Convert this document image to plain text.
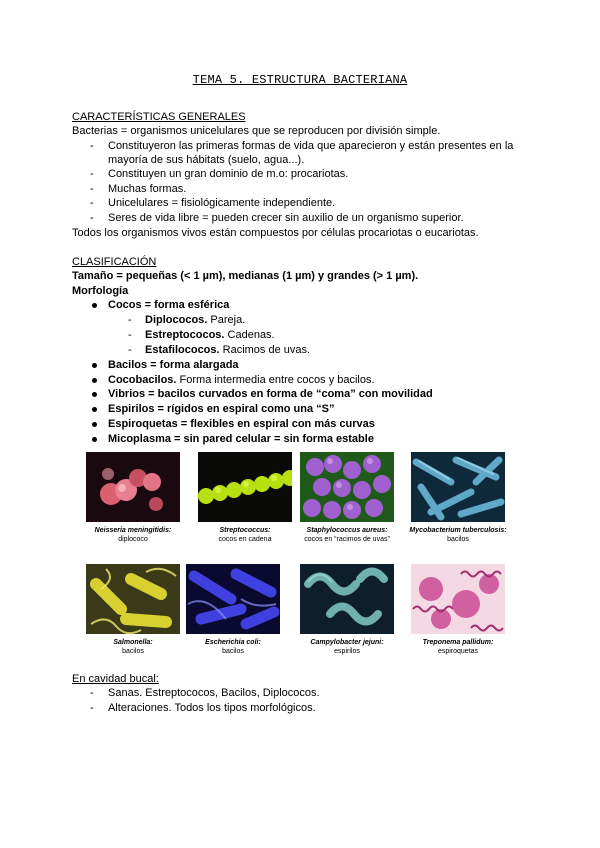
TEMA 5. ESTRUCTURA BACTERIANA
CARACTERÍSTICAS GENERALES
Bacterias = organismos unicelulares que se reproducen por división simple.
- Constituyeron las primeras formas de vida que aparecieron y están presentes en la
mayoría de sus hábitats (suelo, agua...).
- Constituyen un gran dominio de m.o: procariotas.
- Muchas formas.
- Unicelulares = fisiológicamente independiente.
- Seres de vida libre = pueden crecer sin auxilio de un organismo superior.
Todos los organismos vivos están compuestos por células procariotas o eucariotas.
CLASIFICACIÓN
Tamaño = pequeñas (< 1 µm), medianas (1 µm) y grandes (> 1 µm).
Morfología
Cocos = forma esférica
- Diplococos. Pareja.
- Estreptococos. Cadenas.
- Estafilococos. Racimos de uvas.
Bacilos = forma alargada
Cocobacilos. Forma intermedia entre cocos y bacilos.
Vibrios = bacilos curvados en forma de “coma” con movilidad
Espirilos = rígidos en espiral como una “S”
Espiroquetas = flexibles en espiral con más curvas
Micoplasma = sin pared celular = sin forma estable
Neisseria meningitidis:
diplococo
Streptococcus:
cocos en cadena
Staphylococcus aureus:
cocos en “racimos de uvas”
Mycobacterium tuberculosis:
bacilos
Salmonella:
bacilos
Escherichia coli:
bacilos
Campylobacter jejuni:
espirilos
Treponema pallidum:
espiroquetas
En cavidad bucal:
- Sanas. Estreptococos, Bacilos, Diplococos.
- Alteraciones. Todos los tipos morfológicos.
